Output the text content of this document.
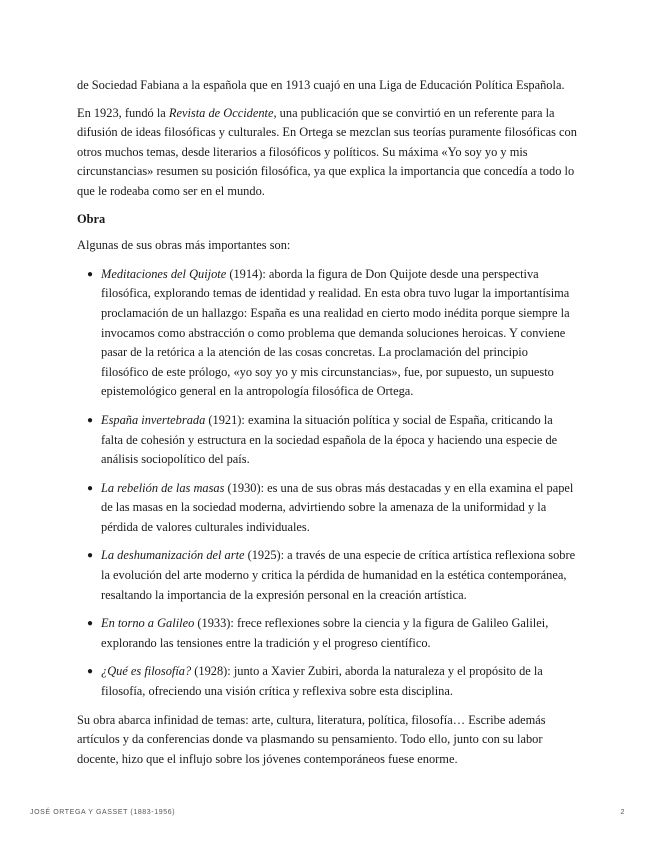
de Sociedad Fabiana a la española que en 1913 cuajó en una Liga de Educación Política Española.

En 1923, fundó la Revista de Occidente, una publicación que se convirtió en un referente para la difusión de ideas filosóficas y culturales. En Ortega se mezclan sus teorías puramente filosóficas con otros muchos temas, desde literarios a filosóficos y políticos. Su máxima «Yo soy yo y mis circunstancias» resumen su posición filosófica, ya que explica la importancia que concedía a todo lo que le rodeaba como ser en el mundo.

Obra

Algunas de sus obras más importantes son:

● Meditaciones del Quijote (1914): aborda la figura de Don Quijote desde una perspectiva filosófica, explorando temas de identidad y realidad. En esta obra tuvo lugar la importantísima proclamación de un hallazgo: España es una realidad en cierto modo inédita porque siempre la invocamos como abstracción o como problema que demanda soluciones heroicas. Y conviene pasar de la retórica a la atención de las cosas concretas. La proclamación del principio filosófico de este prólogo, «yo soy yo y mis circunstancias», fue, por supuesto, un supuesto epistemológico general en la antropología filosófica de Ortega.
● España invertebrada (1921): examina la situación política y social de España, criticando la falta de cohesión y estructura en la sociedad española de la época y haciendo una especie de análisis sociopolítico del país.
● La rebelión de las masas (1930): es una de sus obras más destacadas y en ella examina el papel de las masas en la sociedad moderna, advirtiendo sobre la amenaza de la uniformidad y la pérdida de valores culturales individuales.
● La deshumanización del arte (1925): a través de una especie de crítica artística reflexiona sobre la evolución del arte moderno y critica la pérdida de humanidad en la estética contemporánea, resaltando la importancia de la expresión personal en la creación artística.
● En torno a Galileo (1933): frece reflexiones sobre la ciencia y la figura de Galileo Galilei, explorando las tensiones entre la tradición y el progreso científico.
● ¿Qué es filosofía? (1928): junto a Xavier Zubiri, aborda la naturaleza y el propósito de la filosofía, ofreciendo una visión crítica y reflexiva sobre esta disciplina.

Su obra abarca infinidad de temas: arte, cultura, literatura, política, filosofía… Escribe además artículos y da conferencias donde va plasmando su pensamiento. Todo ello, junto con su labor docente, hizo que el influjo sobre los jóvenes contemporáneos fuese enorme.

JOSÉ ORTEGA Y GASSET (1883-1956)	2
